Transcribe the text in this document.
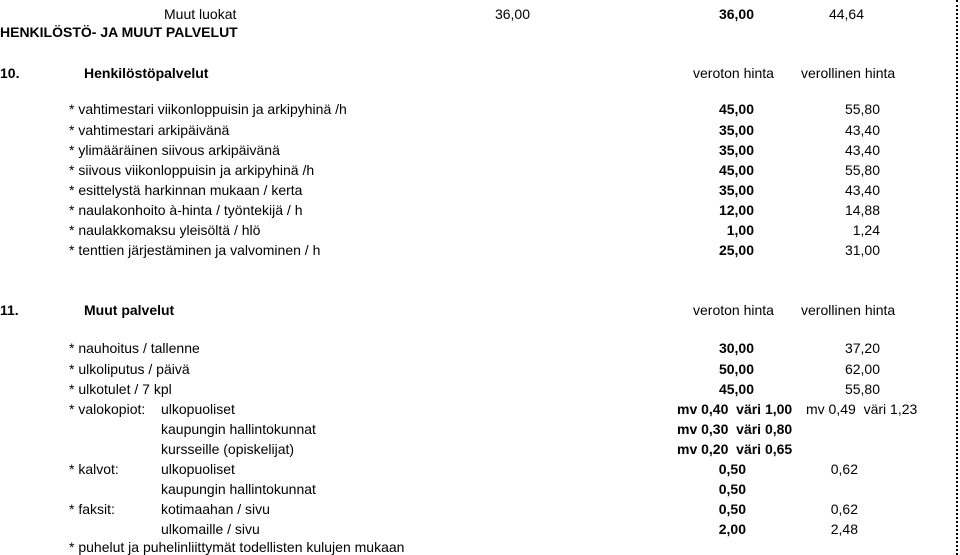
Muut luokat	36,00	36,00	44,64
HENKILÖSTÖ- JA MUUT PALVELUT
10.	Henkilöstöpalvelut	veroton hinta verollinen hinta
* vahtimestari viikonloppuisin ja arkipyhinä /h	45,00	55,80
* vahtimestari arkipäivänä	35,00	43,40
* ylimääräinen siivous arkipäivänä	35,00	43,40
* siivous viikonloppuisin ja arkipyhinä /h	45,00	55,80
* esittelystä harkinnan mukaan / kerta	35,00	43,40
* naulakonhoito à-hinta / työntekijä / h	12,00	14,88
* naulakkomaksu yleisöltä / hlö	1,00	1,24
* tenttien järjestäminen ja valvominen / h	25,00	31,00
11.	Muut palvelut	veroton hinta verollinen hinta
* nauhoitus / tallenne	30,00	37,20
* ulkoliputus / päivä	50,00	62,00
* ulkotulet / 7 kpl	45,00	55,80
* valokopiot: ulkopuoliset	mv 0,40  väri 1,00 mv 0,49  väri 1,23
kaupungin hallintokunnat	mv 0,30  väri 0,80
kursseille (opiskelijat)	mv 0,20  väri 0,65
* kalvot:	ulkopuoliset	0,50	0,62
kaupungin hallintokunnat	0,50
* faksit:	kotimaahan / sivu	0,50	0,62
ulkomaille / sivu	2,00	2,48
* puhelut ja puhelinliittymät todellisten kulujen mukaan
